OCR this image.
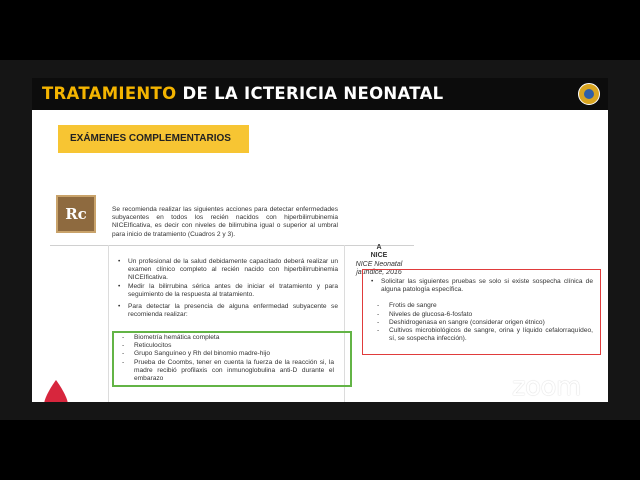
TRATAMIENTO DE LA ICTERICIA NEONATAL
EXÁMENES COMPLEMENTARIOS
Rc	Se recomienda realizar las siguientes acciones para detectar enfermedades subyacentes en todos los recién nacidos con hiperbilirrubinemia NICEIficativa, es decir con niveles de bilirrubina igual o superior al umbral para inicio de tratamiento (Cuadros 2 y 3).
• Un profesional de la salud debidamente capacitado deberá realizar un examen clínico completo al recién nacido con hiperbilirrubinemia NICEIficativa.
• Medir la bilirrubina sérica antes de iniciar el tratamiento y para seguimiento de la respuesta al tratamiento.
• Para detectar la presencia de alguna enfermedad subyacente se recomienda realizar:
- Biometría hemática completa
- Reticulocitos
- Grupo Sanguíneo y Rh del binomio madre-hijo
- Prueba de Coombs, tener en cuenta la fuerza de la reacción si, la madre recibió profilaxis con inmunoglobulina anti-D durante el embarazo
A
NICE
NICE Neonatal jaundice, 2016
• Solicitar las siguientes pruebas se solo si existe sospecha clínica de alguna patología específica.
- Frotis de sangre
- Niveles de glucosa-6-fosfato
- Deshidrogenasa en sangre (considerar origen étnico)
- Cultivos microbiológicos de sangre, orina y líquido cefalorraquídeo, sí, se sospecha infección).
zoom
